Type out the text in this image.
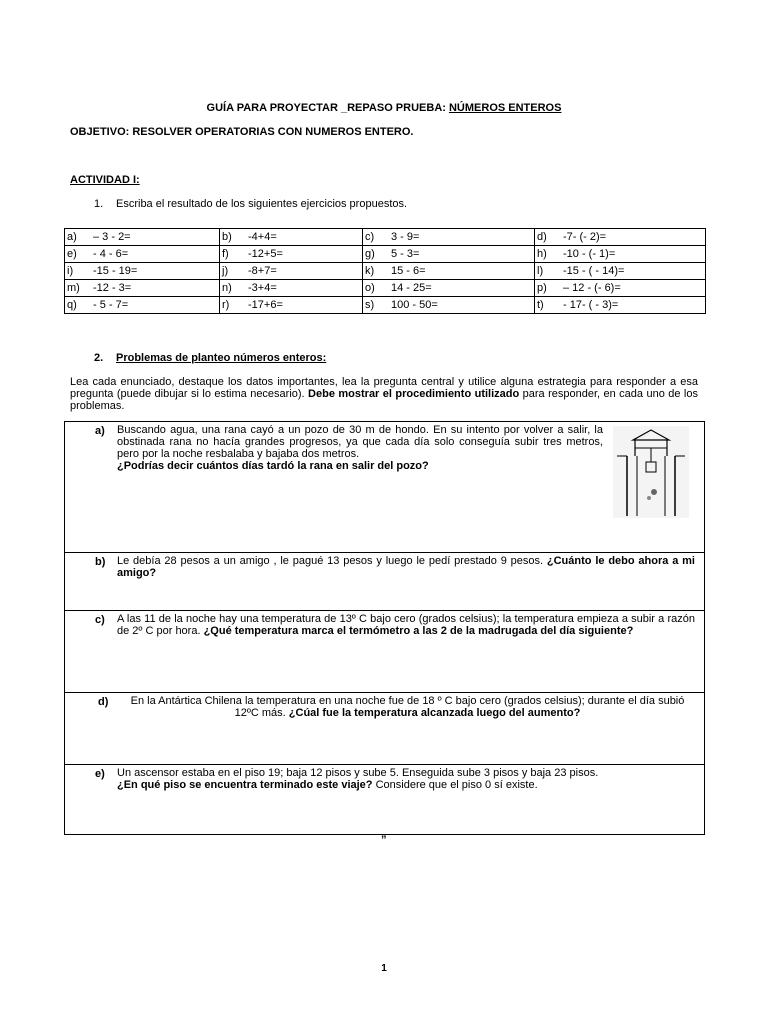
GUÍA PARA PROYECTAR _REPASO PRUEBA: NÚMEROS ENTEROS
OBJETIVO: RESOLVER OPERATORIAS CON NUMEROS ENTERO.
ACTIVIDAD I:
1. Escriba el resultado de los siguientes ejercicios propuestos.
a) – 3 - 2=	b) -4+4=	c) 3 - 9=	d) -7- (- 2)=
e) - 4 - 6=	f) -12+5=	g) 5 - 3=	h) -10 - (- 1)=
i) -15 - 19=	j) -8+7=	k) 15 - 6=	l) -15 - ( - 14)=
m) -12 - 3=	n) -3+4=	o) 14 - 25=	p) – 12 - (- 6)=
q) - 5 - 7=	r) -17+6=	s) 100 - 50=	t) - 17- ( - 3)=
2. Problemas de planteo números enteros:
Lea cada enunciado, destaque los datos importantes, lea la pregunta central y utilice alguna estrategia para responder a esa pregunta (puede dibujar si lo estima necesario). Debe mostrar el procedimiento utilizado para responder, en cada uno de los problemas.
a) Buscando agua, una rana cayó a un pozo de 30 m de hondo. En su intento por volver a salir, la obstinada rana no hacía grandes progresos, ya que cada día solo conseguía subir tres metros, pero por la noche resbalaba y bajaba dos metros.
¿Podrías decir cuántos días tardó la rana en salir del pozo?
b) Le debía 28 pesos a un amigo , le pagué 13 pesos y luego le pedí prestado 9 pesos. ¿Cuánto le debo ahora a mi amigo?
c) A las 11 de la noche hay una temperatura de 13º C bajo cero (grados celsius); la temperatura empieza a subir a razón de 2º C por hora. ¿Qué temperatura marca el termómetro a las 2 de la madrugada del día siguiente?
d)	En la Antártica Chilena la temperatura en una noche fue de 18 º C bajo cero (grados celsius); durante el día subió 12ºC más. ¿Cúal fue la temperatura alcanzada luego del aumento?
e) Un ascensor estaba en el piso 19; baja 12 pisos y sube 5. Enseguida sube 3 pisos y baja 23 pisos.
¿En qué piso se encuentra terminado este viaje? Considere que el piso 0 sí existe.
”
1
